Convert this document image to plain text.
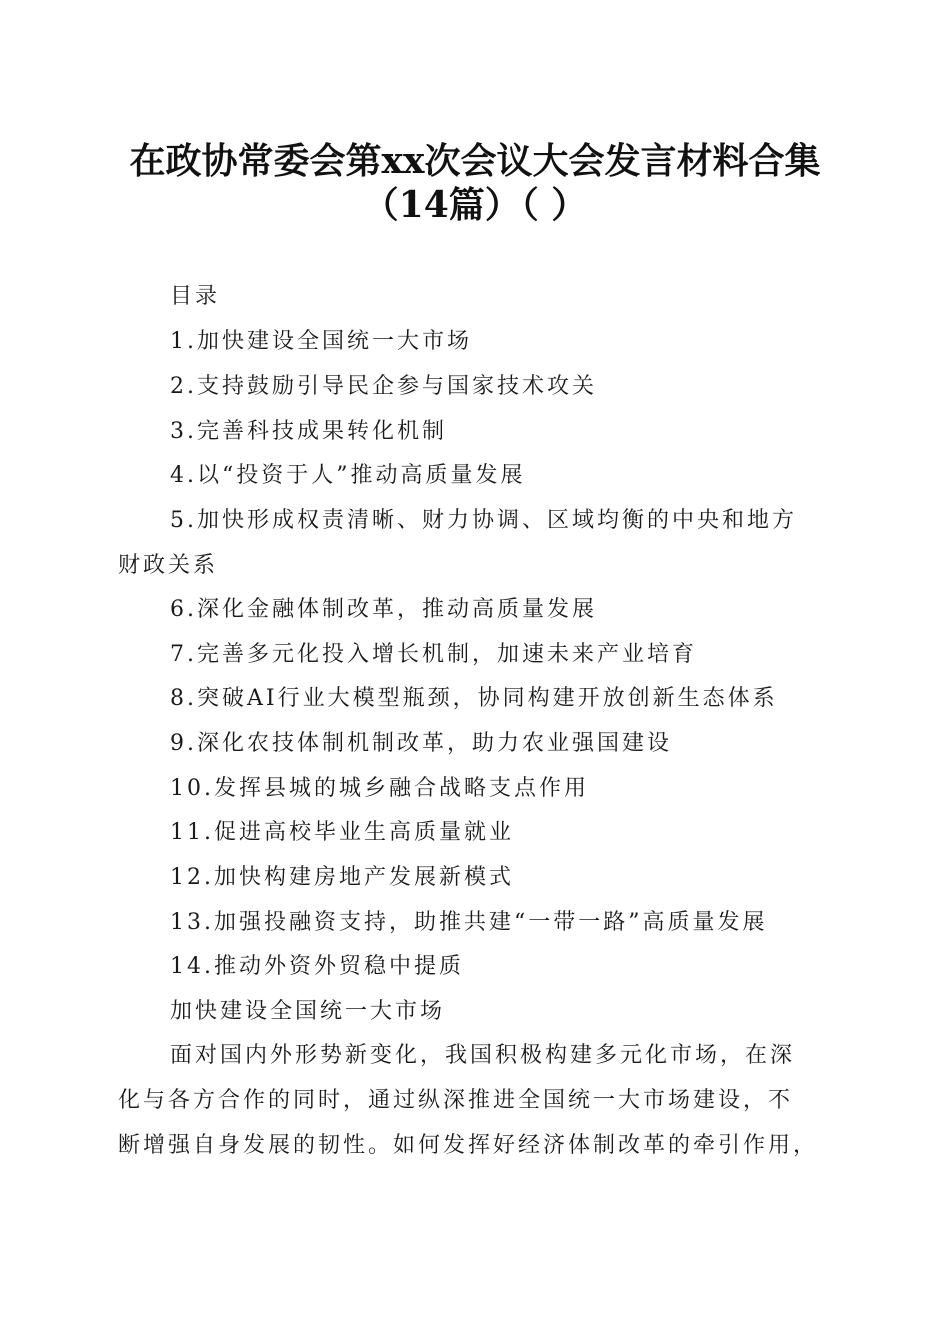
在政协常委会第xx次会议大会发言材料合集
（14篇）（ ）
目录
1.加快建设全国统一大市场
2.支持鼓励引导民企参与国家技术攻关
3.完善科技成果转化机制
4.以“投资于人”推动高质量发展
5.加快形成权责清晰、财力协调、区域均衡的中央和地方
财政关系
6.深化金融体制改革，推动高质量发展
7.完善多元化投入增长机制，加速未来产业培育
8.突破AI行业大模型瓶颈，协同构建开放创新生态体系
9.深化农技体制机制改革，助力农业强国建设
10.发挥县城的城乡融合战略支点作用
11.促进高校毕业生高质量就业
12.加快构建房地产发展新模式
13.加强投融资支持，助推共建“一带一路”高质量发展
14.推动外资外贸稳中提质
加快建设全国统一大市场
面对国内外形势新变化，我国积极构建多元化市场，在深
化与各方合作的同时，通过纵深推进全国统一大市场建设，不
断增强自身发展的韧性。如何发挥好经济体制改革的牵引作用，
